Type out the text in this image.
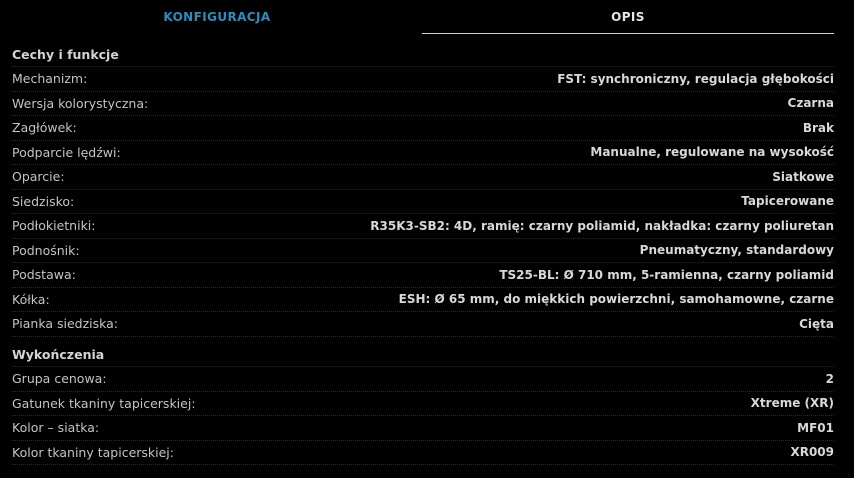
KONFIGURACJA	OPIS
Cechy i funkcje
Mechanizm:	FST: synchroniczny, regulacja głębokości
Wersja kolorystyczna:	Czarna
Zagłówek:	Brak
Podparcie lędźwi:	Manualne, regulowane na wysokość
Oparcie:	Siatkowe
Siedzisko:	Tapicerowane
Podłokietniki:	R35K3-SB2: 4D, ramię: czarny poliamid, nakładka: czarny poliuretan
Podnośnik:	Pneumatyczny, standardowy
Podstawa:	TS25-BL: Ø 710 mm, 5-ramienna, czarny poliamid
Kółka:	ESH: Ø 65 mm, do miękkich powierzchni, samohamowne, czarne
Pianka siedziska:	Cięta
Wykończenia
Grupa cenowa:	2
Gatunek tkaniny tapicerskiej:	Xtreme (XR)
Kolor – siatka:	MF01
Kolor tkaniny tapicerskiej:	XR009
